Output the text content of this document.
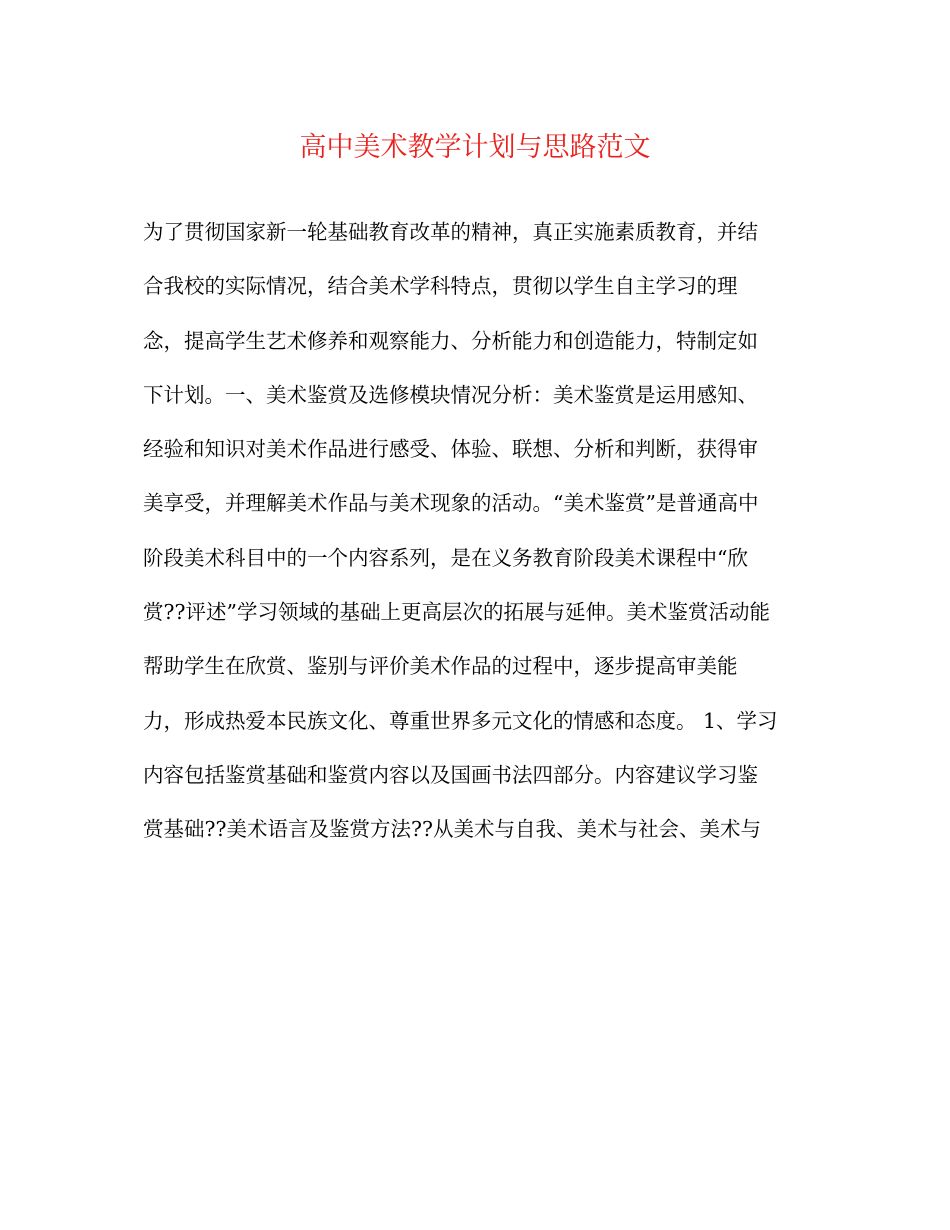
高中美术教学计划与思路范文
为了贯彻国家新一轮基础教育改革的精神，真正实施素质教育，并结
合我校的实际情况，结合美术学科特点，贯彻以学生自主学习的理
念，提高学生艺术修养和观察能力、分析能力和创造能力，特制定如
下计划。一、美术鉴赏及选修模块情况分析：美术鉴赏是运用感知、
经验和知识对美术作品进行感受、体验、联想、分析和判断，获得审
美享受，并理解美术作品与美术现象的活动。“美术鉴赏”是普通高中
阶段美术科目中的一个内容系列，是在义务教育阶段美术课程中“欣
赏??评述”学习领域的基础上更高层次的拓展与延伸。美术鉴赏活动能
帮助学生在欣赏、鉴别与评价美术作品的过程中，逐步提高审美能
力，形成热爱本民族文化、尊重世界多元文化的情感和态度。 1、学习
内容包括鉴赏基础和鉴赏内容以及国画书法四部分。内容建议学习鉴
赏基础??美术语言及鉴赏方法??从美术与自我、美术与社会、美术与
